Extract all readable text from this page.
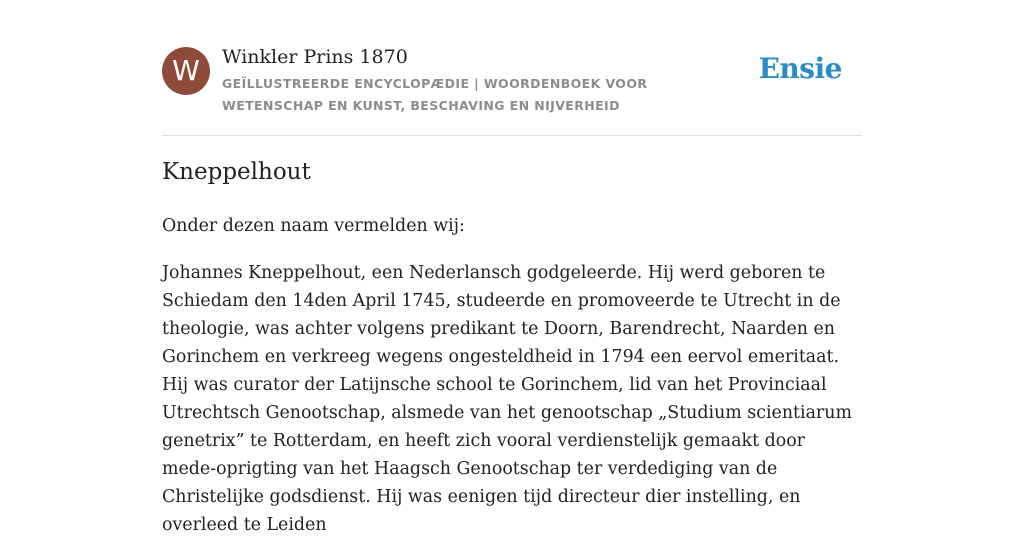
W	Winkler Prins 1870
GEÏLLUSTREERDE ENCYCLOPÆDIE | WOORDENBOEK VOOR WETENSCHAP EN KUNST, BESCHAVING EN NIJVERHEID
Ensie
Kneppelhout

Onder dezen naam vermelden wij:

Johannes Kneppelhout, een Nederlansch godgeleerde. Hij werd geboren te Schiedam den 14den April 1745, studeerde en promoveerde te Utrecht in de theologie, was achter volgens predikant te Doorn, Barendrecht, Naarden en Gorinchem en verkreeg wegens ongesteldheid in 1794 een eervol emeritaat. Hij was curator der Latijnsche school te Gorinchem, lid van het Provinciaal Utrechtsch Genootschap, alsmede van het genootschap „Studium scientiarum genetrix” te Rotterdam, en heeft zich vooral verdienstelijk gemaakt door mede-oprigting van het Haagsch Genootschap ter verdediging van de Christelijke godsdienst. Hij was eenigen tijd directeur dier instelling, en overleed te Leiden
